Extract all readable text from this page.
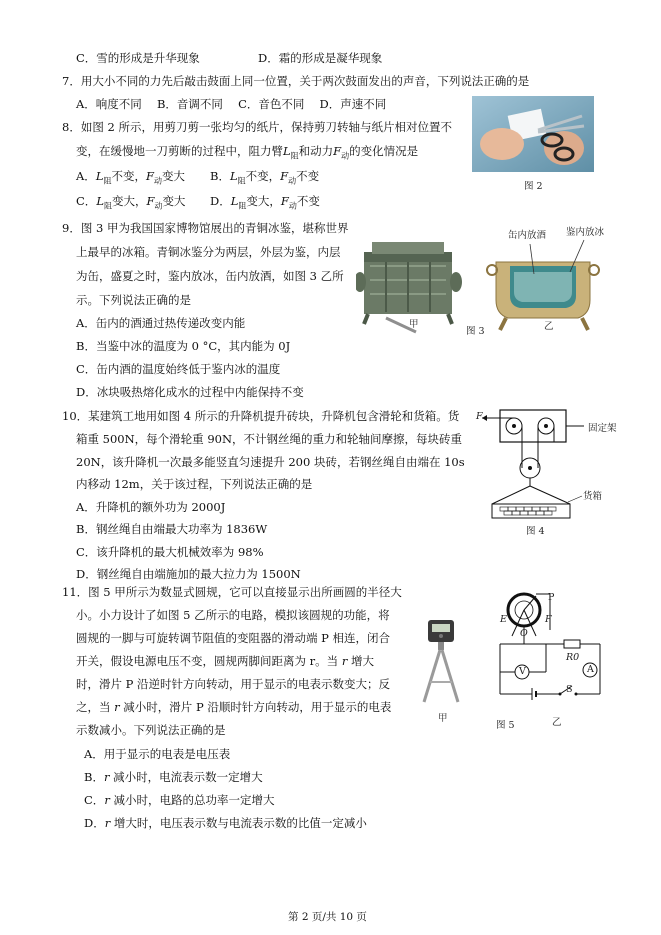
C．雪的形成是升华现象	D．霜的形成是凝华现象
7．用大小不同的力先后敲击鼓面上同一位置，关于两次鼓面发出的声音，下列说法正确的是
A．响度不同　 B．音调不同　 C．音色不同　 D．声速不同
8．如图 2 所示，用剪刀剪一张均匀的纸片，保持剪刀转轴与纸片相对位置不
变，在缓慢地一刀剪断的过程中，阻力臂$L_阻$和动力$F_动$的变化情况是
A．$L_阻$不变，$F_动$变大 B．$L_阻$不变，$F_动$不变
C．$L_阻$变大，$F_动$变大 D．$L_阻$变大，$F_动$不变
图 2
9．图 3 甲为我国国家博物馆展出的青铜冰鉴，堪称世界
上最早的冰箱。青铜冰鉴分为两层，外层为鉴，内层
为缶，盛夏之时，鉴内放冰，缶内放酒，如图 3 乙所
示。下列说法正确的是
A．缶内的酒通过热传递改变内能
B．当鉴中冰的温度为 0 °C，其内能为 0J
C．缶内酒的温度始终低于鉴内冰的温度
D．冰块吸热熔化成水的过程中内能保持不变
缶内放酒 鉴内放冰
甲	乙
图 3
10．某建筑工地用如图 4 所示的升降机提升砖块，升降机包含滑轮和货箱。货
箱重 500N，每个滑轮重 90N，不计钢丝绳的重力和轮轴间摩擦，每块砖重
20N，该升降机一次最多能竖直匀速提升 200 块砖，若钢丝绳自由端在 10s
内移动 12m，关于该过程，下列说法正确的是
A．升降机的额外功为 2000J
B．钢丝绳自由端最大功率为 1836W
C．该升降机的最大机械效率为 98%
D．钢丝绳自由端施加的最大拉力为 1500N
F
固定架
货箱
图 4
11．图 5 甲所示为数显式圆规，它可以直接显示出所画圆的半径大
小。小力设计了如图 5 乙所示的电路，模拟该圆规的功能，将
圆规的一脚与可旋转调节阻值的变阻器的滑动端 P 相连，闭合
开关，假设电源电压不变，圆规两脚间距离为 r。当 r 增大
时，滑片 P 沿逆时针方向转动，用于显示的电表示数变大；反
之，当 r 减小时，滑片 P 沿顺时针方向转动，用于显示的电表
示数减小。下列说法正确的是
A．用于显示的电表是电压表
B．r 减小时，电流表示数一定增大
C．r 减小时，电路的总功率一定增大
D．r 增大时，电压表示数与电流表示数的比值一定减小
甲
图 5
P
E	F
O
R0
V	A
S
乙
第 2 页/共 10 页
